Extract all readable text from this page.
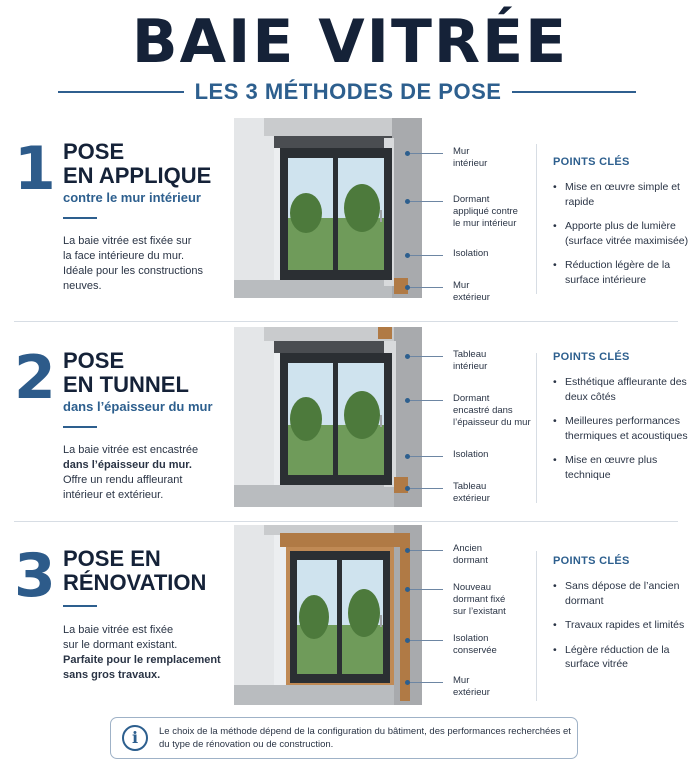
BAIE VITRÉE
LES 3 MÉTHODES DE POSE
1 POSE
EN APPLIQUE
contre le mur intérieur
La baie vitrée est fixée sur
la face intérieure du mur.
Idéale pour les constructions
neuves.
Mur
intérieur
Dormant
appliqué contre
le mur intérieur
Isolation
Mur
extérieur
POINTS CLÉS
• Mise en œuvre simple et rapide
• Apporte plus de lumière (surface vitrée maximisée)
• Réduction légère de la surface intérieure
2 POSE
EN TUNNEL
dans l’épaisseur du mur
La baie vitrée est encastrée
dans l’épaisseur du mur.
Offre un rendu affleurant
intérieur et extérieur.
Tableau
intérieur
Dormant
encastré dans
l’épaisseur du mur
Isolation
Tableau
extérieur
POINTS CLÉS
• Esthétique affleurante des deux côtés
• Meilleures performances thermiques et acoustiques
• Mise en œuvre plus technique
3 POSE EN
RÉNOVATION
La baie vitrée est fixée
sur le dormant existant.
Parfaite pour le remplacement
sans gros travaux.
Ancien
dormant
Nouveau
dormant fixé
sur l’existant
Isolation
conservée
Mur
extérieur
POINTS CLÉS
• Sans dépose de l’ancien dormant
• Travaux rapides et limités
• Légère réduction de la surface vitrée
i	Le choix de la méthode dépend de la configuration du bâtiment, des performances recherchées et du type de rénovation ou de construction.
